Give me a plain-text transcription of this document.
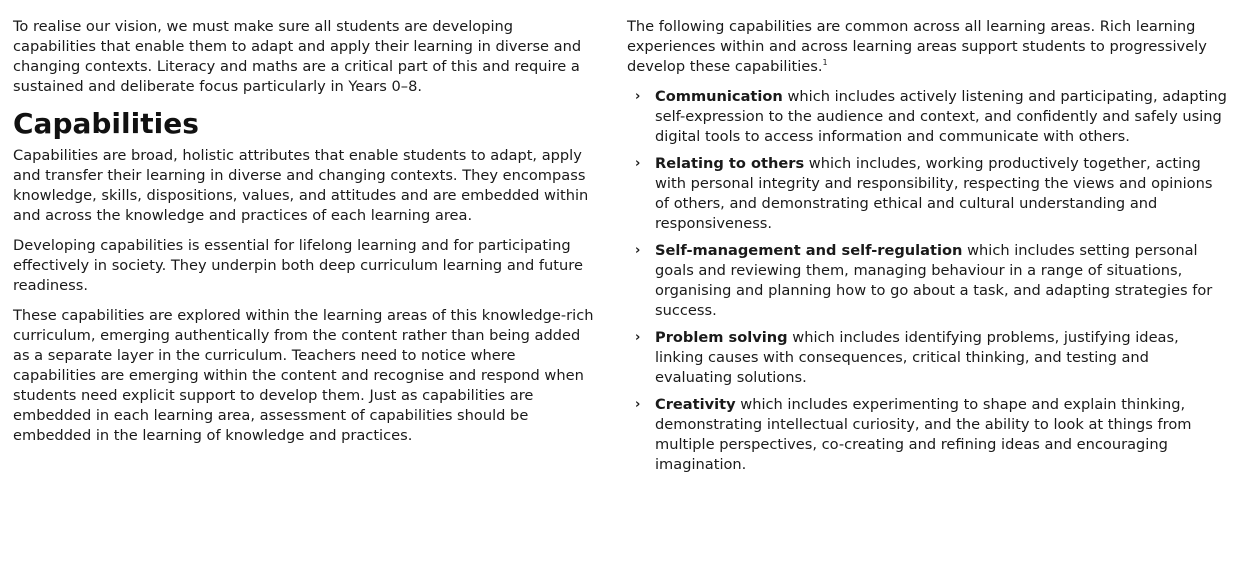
To realise our vision, we must make sure all students are developing capabilities that enable them to adapt and apply their learning in diverse and changing contexts. Literacy and maths are a critical part of this and require a sustained and deliberate focus particularly in Years 0–8.

Capabilities

Capabilities are broad, holistic attributes that enable students to adapt, apply and transfer their learning in diverse and changing contexts. They encompass knowledge, skills, dispositions, values, and attitudes and are embedded within and across the knowledge and practices of each learning area.

Developing capabilities is essential for lifelong learning and for participating effectively in society. They underpin both deep curriculum learning and future readiness.

These capabilities are explored within the learning areas of this knowledge-rich curriculum, emerging authentically from the content rather than being added as a separate layer in the curriculum. Teachers need to notice where capabilities are emerging within the content and recognise and respond when students need explicit support to develop them. Just as capabilities are embedded in each learning area, assessment of capabilities should be embedded in the learning of knowledge and practices.

The following capabilities are common across all learning areas. Rich learning experiences within and across learning areas support students to progressively develop these capabilities.$^1$

› Communication which includes actively listening and participating, adapting self-expression to the audience and context, and confidently and safely using digital tools to access information and communicate with others.
› Relating to others which includes, working productively together, acting with personal integrity and responsibility, respecting the views and opinions of others, and demonstrating ethical and cultural understanding and responsiveness.
› Self-management and self-regulation which includes setting personal goals and reviewing them, managing behaviour in a range of situations, organising and planning how to go about a task, and adapting strategies for success.
› Problem solving which includes identifying problems, justifying ideas, linking causes with consequences, critical thinking, and testing and evaluating solutions.
› Creativity which includes experimenting to shape and explain thinking, demonstrating intellectual curiosity, and the ability to look at things from multiple perspectives, co-creating and refining ideas and encouraging imagination.
